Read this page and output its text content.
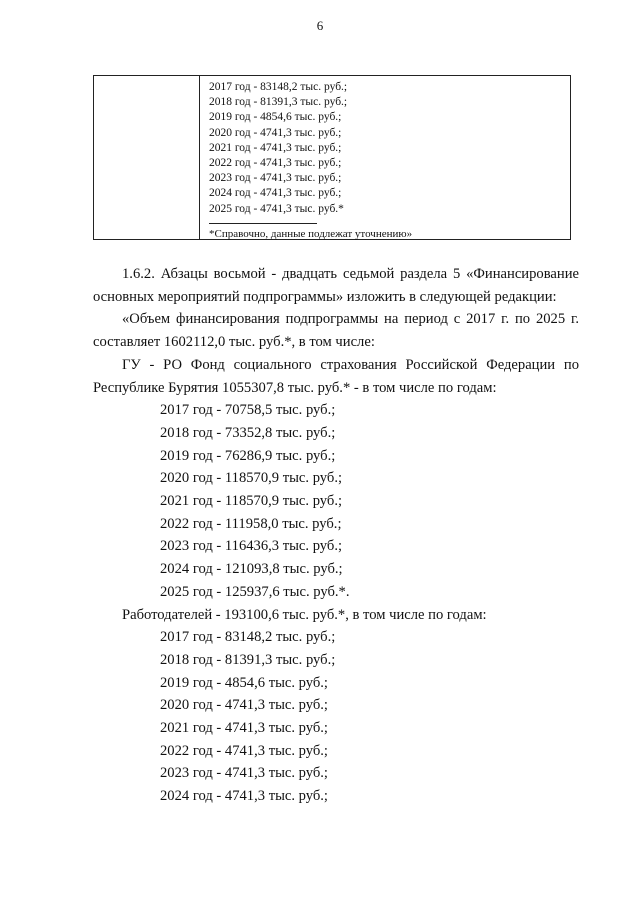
6
2017 год - 83148,2 тыс. руб.;
2018 год - 81391,3 тыс. руб.;
2019 год - 4854,6 тыс. руб.;
2020 год - 4741,3 тыс. руб.;
2021 год - 4741,3 тыс. руб.;
2022 год - 4741,3 тыс. руб.;
2023 год - 4741,3 тыс. руб.;
2024 год - 4741,3 тыс. руб.;
2025 год - 4741,3 тыс. руб.*
*Справочно, данные подлежат уточнению»

1.6.2. Абзацы восьмой - двадцать седьмой раздела 5 «Финансирование основных мероприятий подпрограммы» изложить в следующей редакции:

«Объем финансирования подпрограммы на период с 2017 г. по 2025 г. составляет 1602112,0 тыс. руб.*, в том числе:

ГУ - РО Фонд социального страхования Российской Федерации по Республике Бурятия 1055307,8 тыс. руб.* - в том числе по годам:

2017 год - 70758,5 тыс. руб.;
2018 год - 73352,8 тыс. руб.;
2019 год - 76286,9 тыс. руб.;
2020 год - 118570,9 тыс. руб.;
2021 год - 118570,9 тыс. руб.;
2022 год - 111958,0 тыс. руб.;
2023 год - 116436,3 тыс. руб.;
2024 год - 121093,8 тыс. руб.;
2025 год - 125937,6 тыс. руб.*.
Работодателей - 193100,6 тыс. руб.*, в том числе по годам:
2017 год - 83148,2 тыс. руб.;
2018 год - 81391,3 тыс. руб.;
2019 год - 4854,6 тыс. руб.;
2020 год - 4741,3 тыс. руб.;
2021 год - 4741,3 тыс. руб.;
2022 год - 4741,3 тыс. руб.;
2023 год - 4741,3 тыс. руб.;
2024 год - 4741,3 тыс. руб.;
